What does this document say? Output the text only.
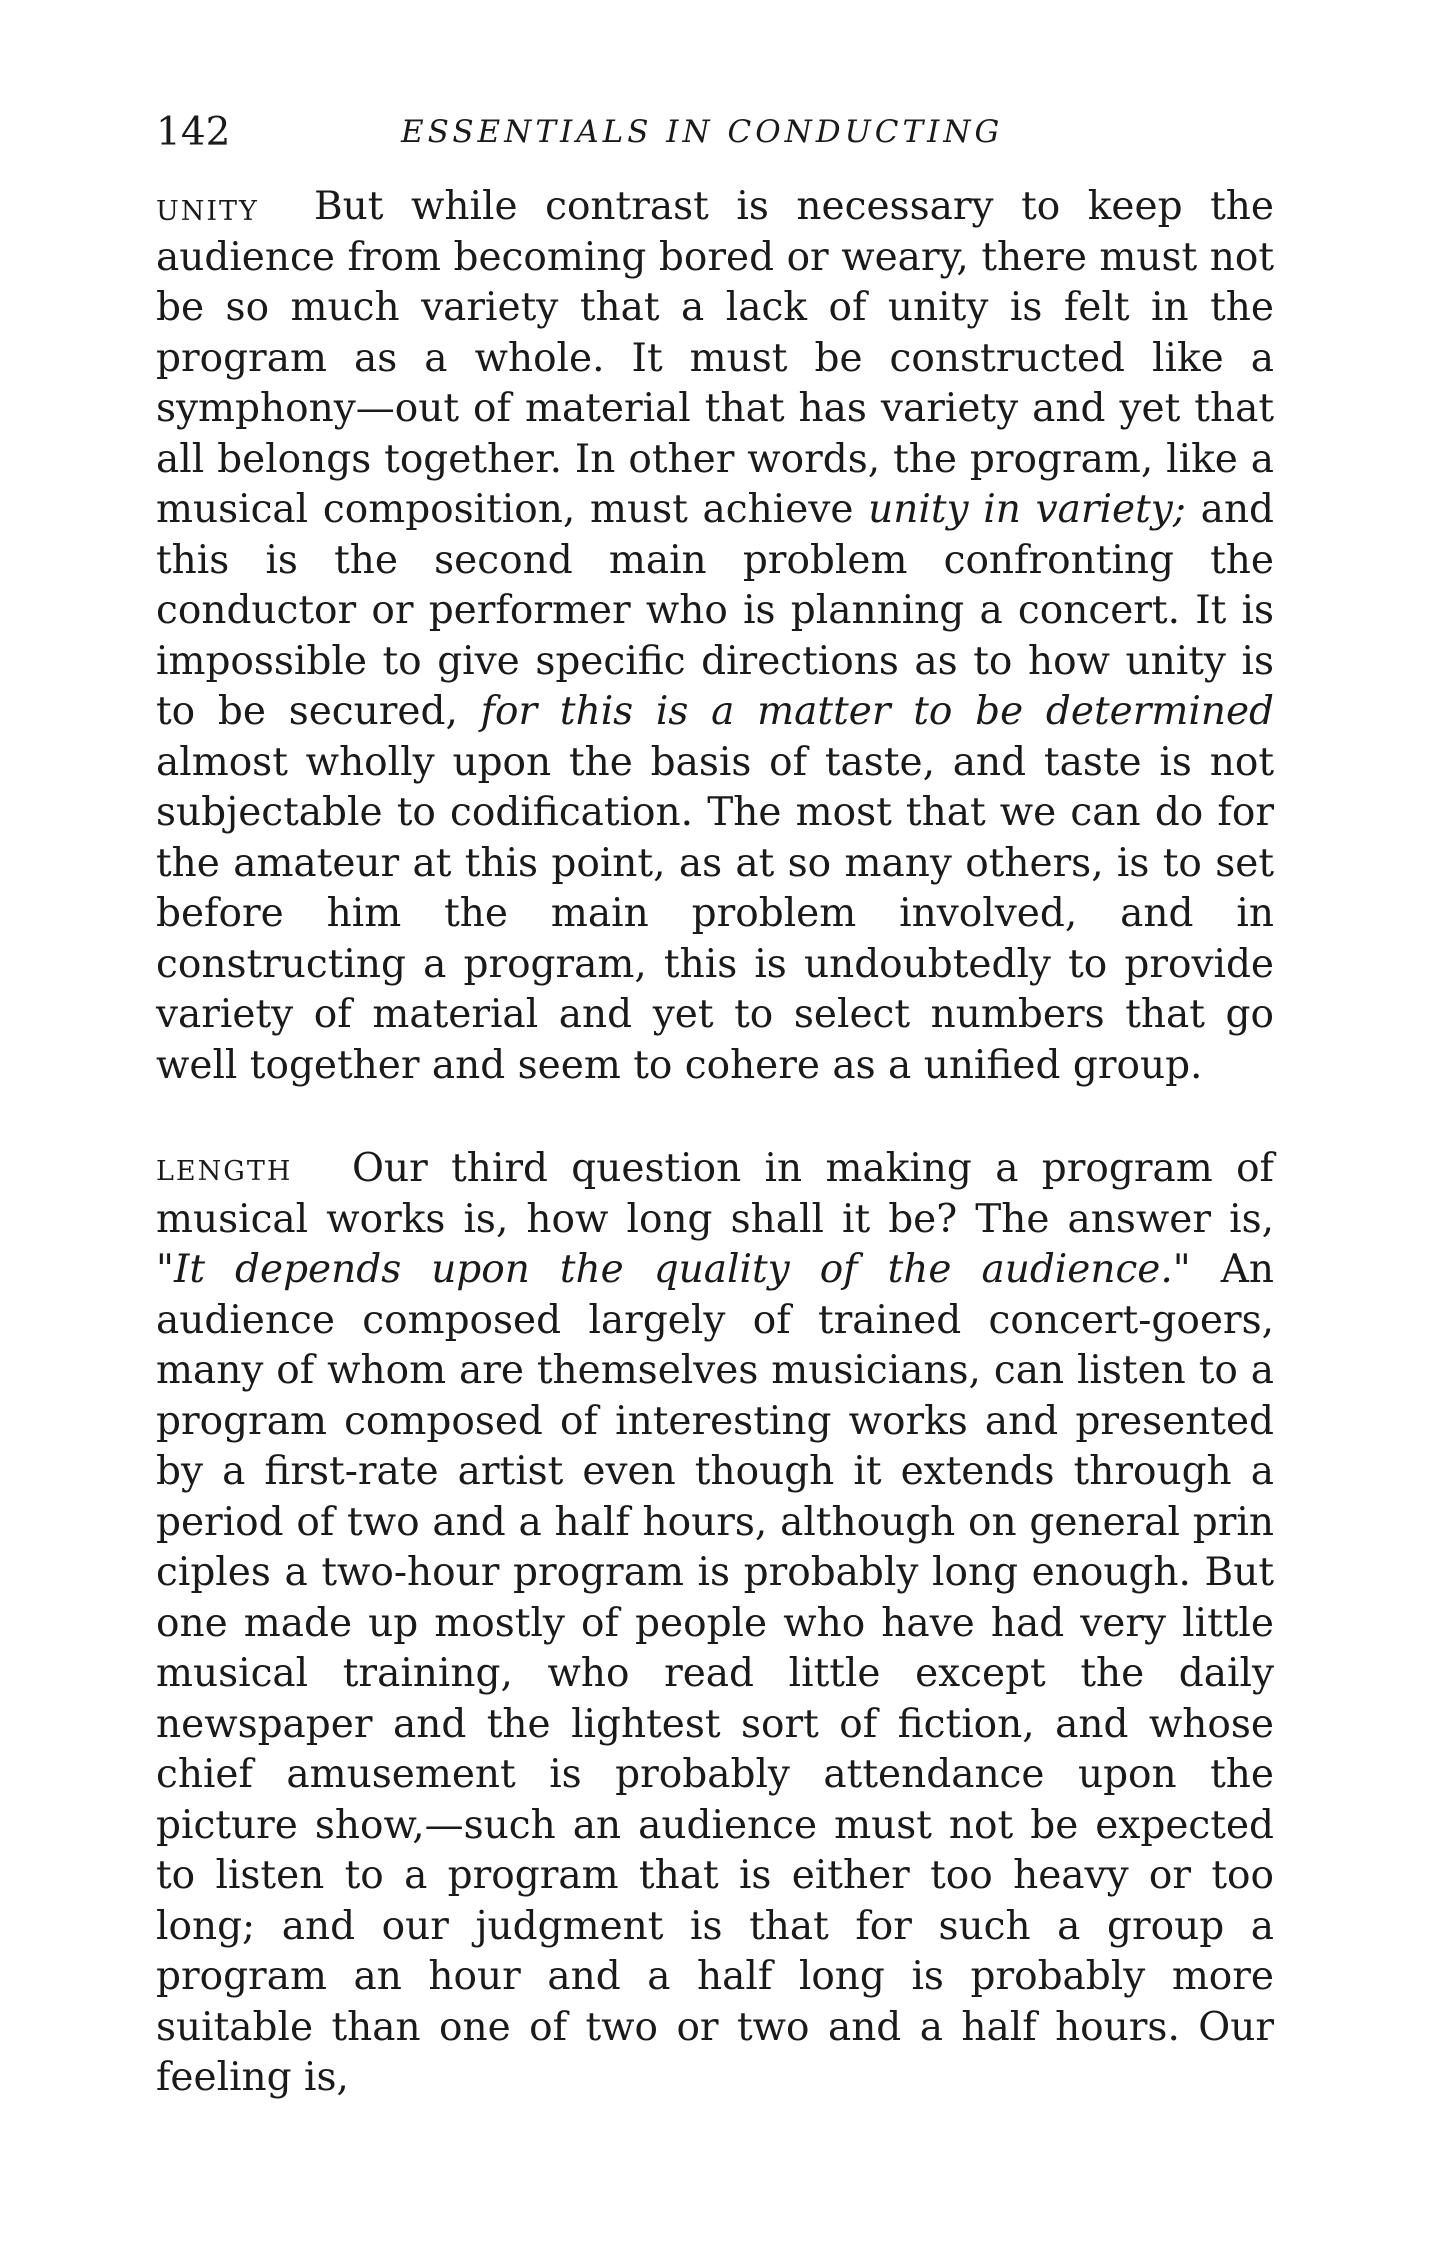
142	ESSENTIALS IN CONDUCTING
UNITY	But while contrast is necessary to keep the audience from becoming bored or weary, there must not be so much variety that a lack of unity is felt in the program as a whole. It must be constructed like a symphony—out of material that has variety and yet that all belongs together. In other words, the program, like a musical composition, must achieve unity in variety; and this is the second main problem confronting the conductor or performer who is planning a concert. It is impossible to give specific directions as to how unity is to be secured, for this is a matter to be determined almost wholly upon the basis of taste, and taste is not subjectable to codification. The most that we can do for the amateur at this point, as at so many others, is to set before him the main problem involved, and in constructing a program, this is undoubtedly to provide variety of material and yet to select numbers that go well together and seem to cohere as a unified group.

LENGTH	Our third question in making a program of musical works is, how long shall it be? The answer is, "It depends upon the quality of the audience." An audience composed largely of trained concert-goers, many of whom are themselves musicians, can listen to a program composed of interesting works and presented by a first-rate artist even though it extends through a period of two and a half hours, although on general prin ciples a two-hour program is probably long enough. But one made up mostly of people who have had very little musical training, who read little except the daily newspaper and the lightest sort of fiction, and whose chief amusement is probably attendance upon the picture show,—such an audience must not be expected to listen to a program that is either too heavy or too long; and our judgment is that for such a group a program an hour and a half long is probably more suitable than one of two or two and a half hours. Our feeling is,
